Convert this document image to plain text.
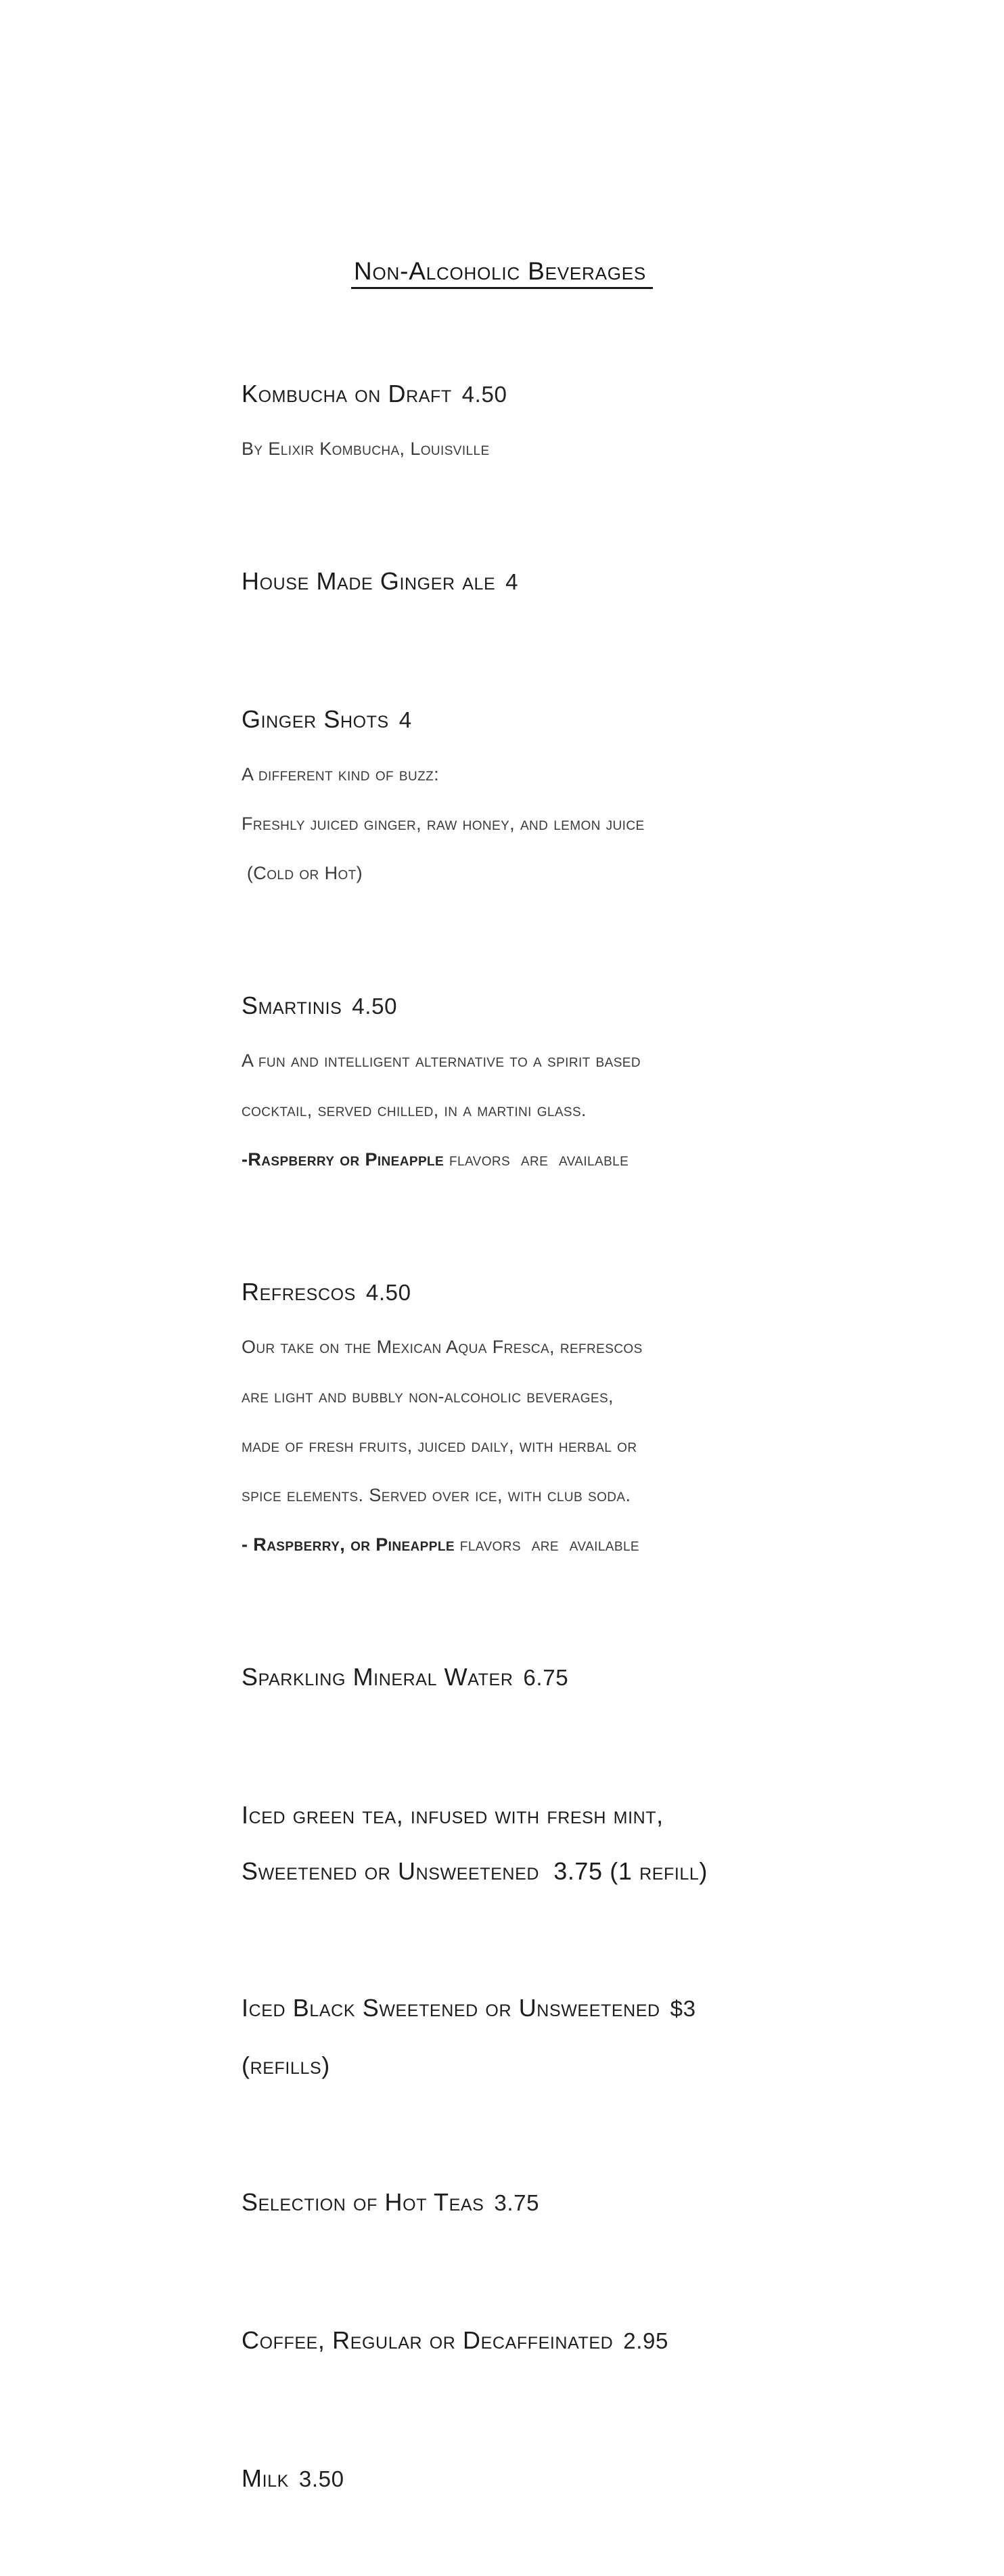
Non-Alcoholic Beverages

Kombucha on Draft 4.50

By Elixir Kombucha, Louisville

House Made Ginger ale 4

Ginger Shots 4

A different kind of buzz:

Freshly juiced ginger, raw honey, and lemon juice

(Cold or Hot)

Smartinis 4.50

A fun and intelligent alternative to a spirit based

cocktail, served chilled, in a martini glass.

-Raspberry or Pineapple flavors  are  available

Refrescos 4.50

Our take on the Mexican Aqua Fresca, refrescos

are light and bubbly non-alcoholic beverages,

made of fresh fruits, juiced daily, with herbal or

spice elements. Served over ice, with club soda.

- Raspberry, or Pineapple flavors  are  available

Sparkling Mineral Water 6.75

Iced green tea, infused with fresh mint,

Sweetened or Unsweetened  3.75 (1 refill)

Iced Black Sweetened or Unsweetened $3

(refills)

Selection of Hot Teas 3.75

Coffee, Regular or Decaffeinated 2.95

Milk 3.50
